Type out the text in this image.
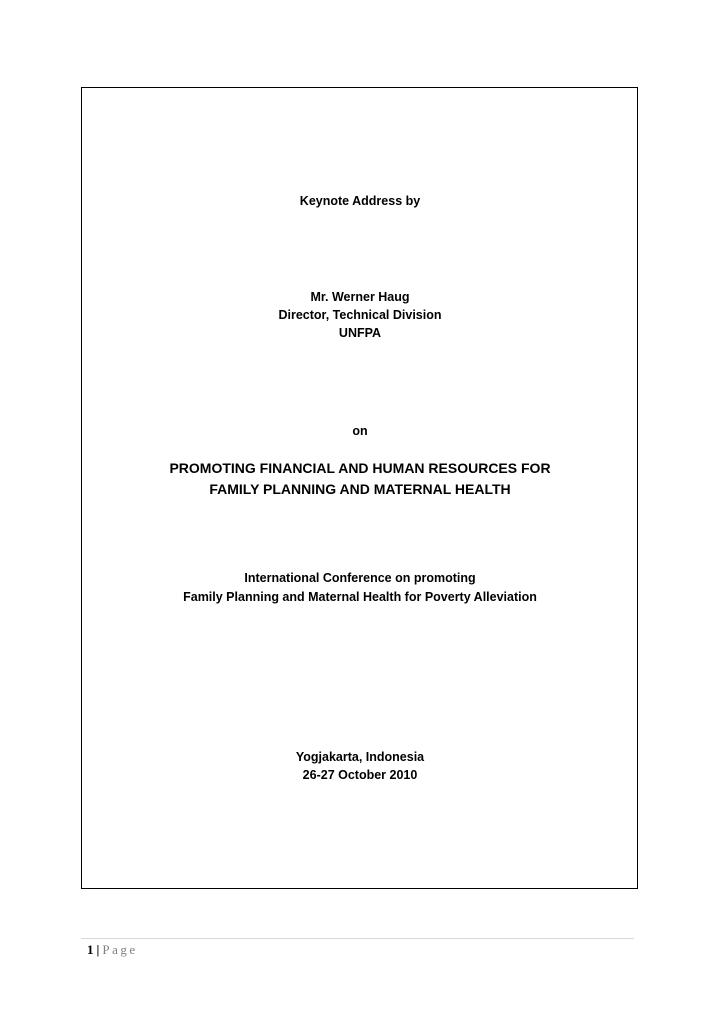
Keynote Address by
Mr. Werner Haug
Director, Technical Division
UNFPA
on
PROMOTING FINANCIAL AND HUMAN RESOURCES FOR
FAMILY PLANNING AND MATERNAL HEALTH
International Conference on promoting
Family Planning and Maternal Health for Poverty Alleviation
Yogjakarta, Indonesia
26-27 October 2010
1 | Page
